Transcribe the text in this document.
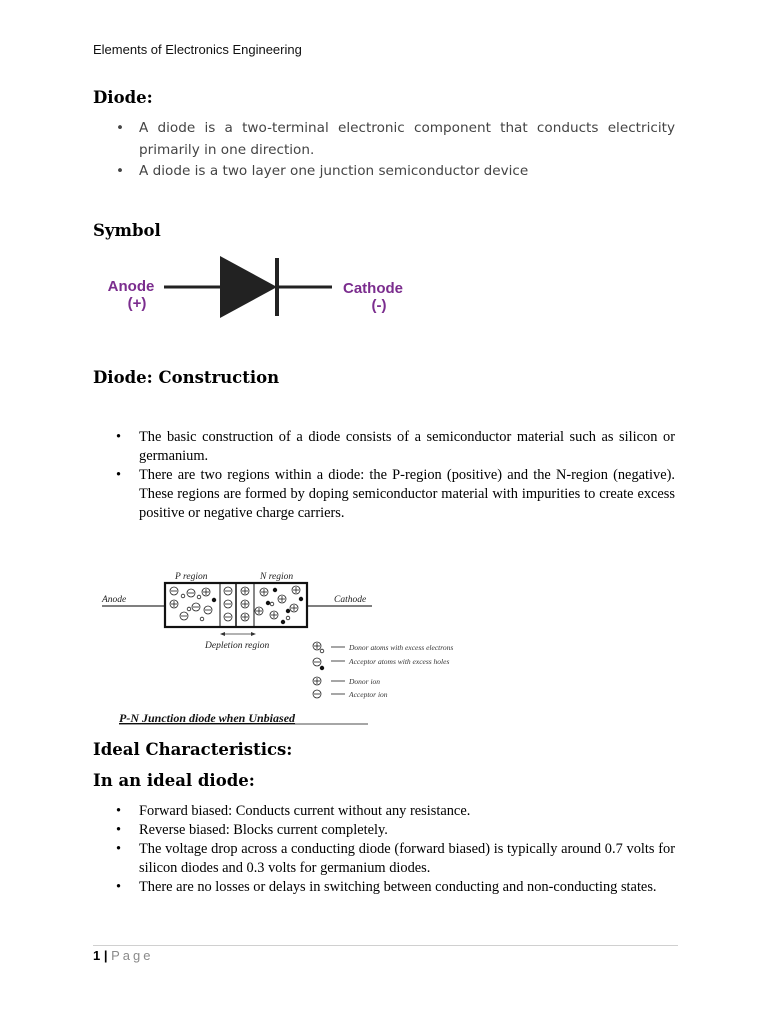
Elements of Electronics Engineering
Diode:
• A diode is a two-terminal electronic component that conducts electricity primarily in one direction.
• A diode is a two layer one junction semiconductor device
Symbol
Anode
(+)
Cathode
(-)
Diode: Construction
• The basic construction of a diode consists of a semiconductor material such as silicon or germanium.
• There are two regions within a diode: the P-region (positive) and the N-region (negative). These regions are formed by doping semiconductor material with impurities to create excess positive or negative charge carriers.
P region	N region
Anode	Cathode
Depletion region	Donor atoms with excess electrons
Acceptor atoms with excess holes
Donor ion
Acceptor ion
P-N Junction diode when Unbiased
Ideal Characteristics:
In an ideal diode:
• Forward biased: Conducts current without any resistance.
• Reverse biased: Blocks current completely.
• The voltage drop across a conducting diode (forward biased) is typically around 0.7 volts for silicon diodes and 0.3 volts for germanium diodes.
• There are no losses or delays in switching between conducting and non-conducting states.
1 | Page
